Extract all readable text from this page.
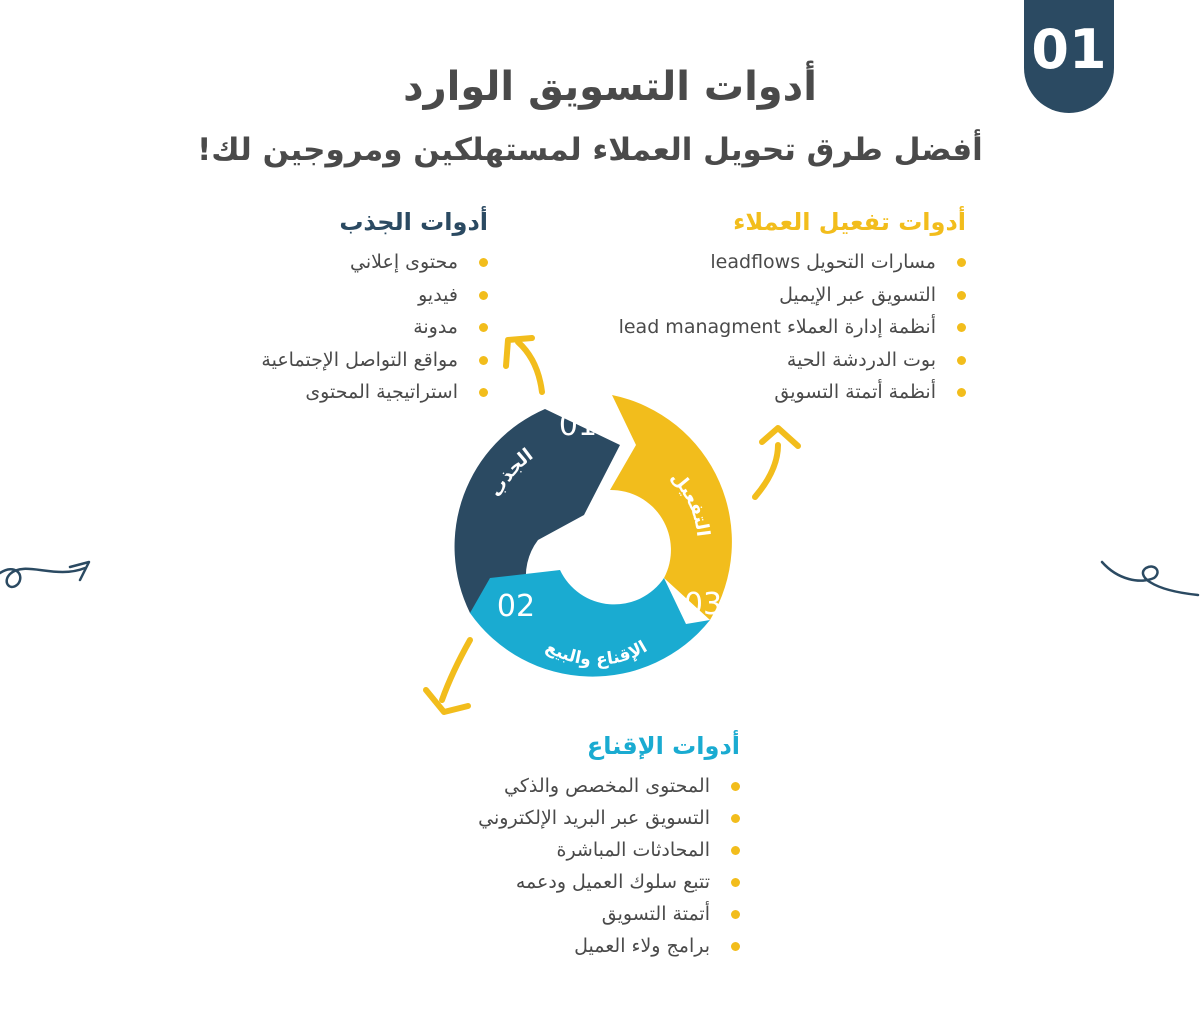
01
أدوات التسويق الوارد
أفضل طرق تحويل العملاء لمستهلكين ومروجين لك!
أدوات الجذب
محتوى إعلاني
فيديو
مدونة
مواقع التواصل الإجتماعية
استراتيجية المحتوى
أدوات تفعيل العملاء
مسارات التحويل leadflows
التسويق عبر الإيميل
أنظمة إدارة العملاء lead managment
بوت الدردشة الحية
أنظمة أتمتة التسويق
أدوات الإقناع
المحتوى المخصص والذكي
التسويق عبر البريد الإلكتروني
المحادثات المباشرة
تتبع سلوك العميل ودعمه
أتمتة التسويق
برامج ولاء العميل
01
02	03
الجذب
الإقناع والبيع
التفعيل
